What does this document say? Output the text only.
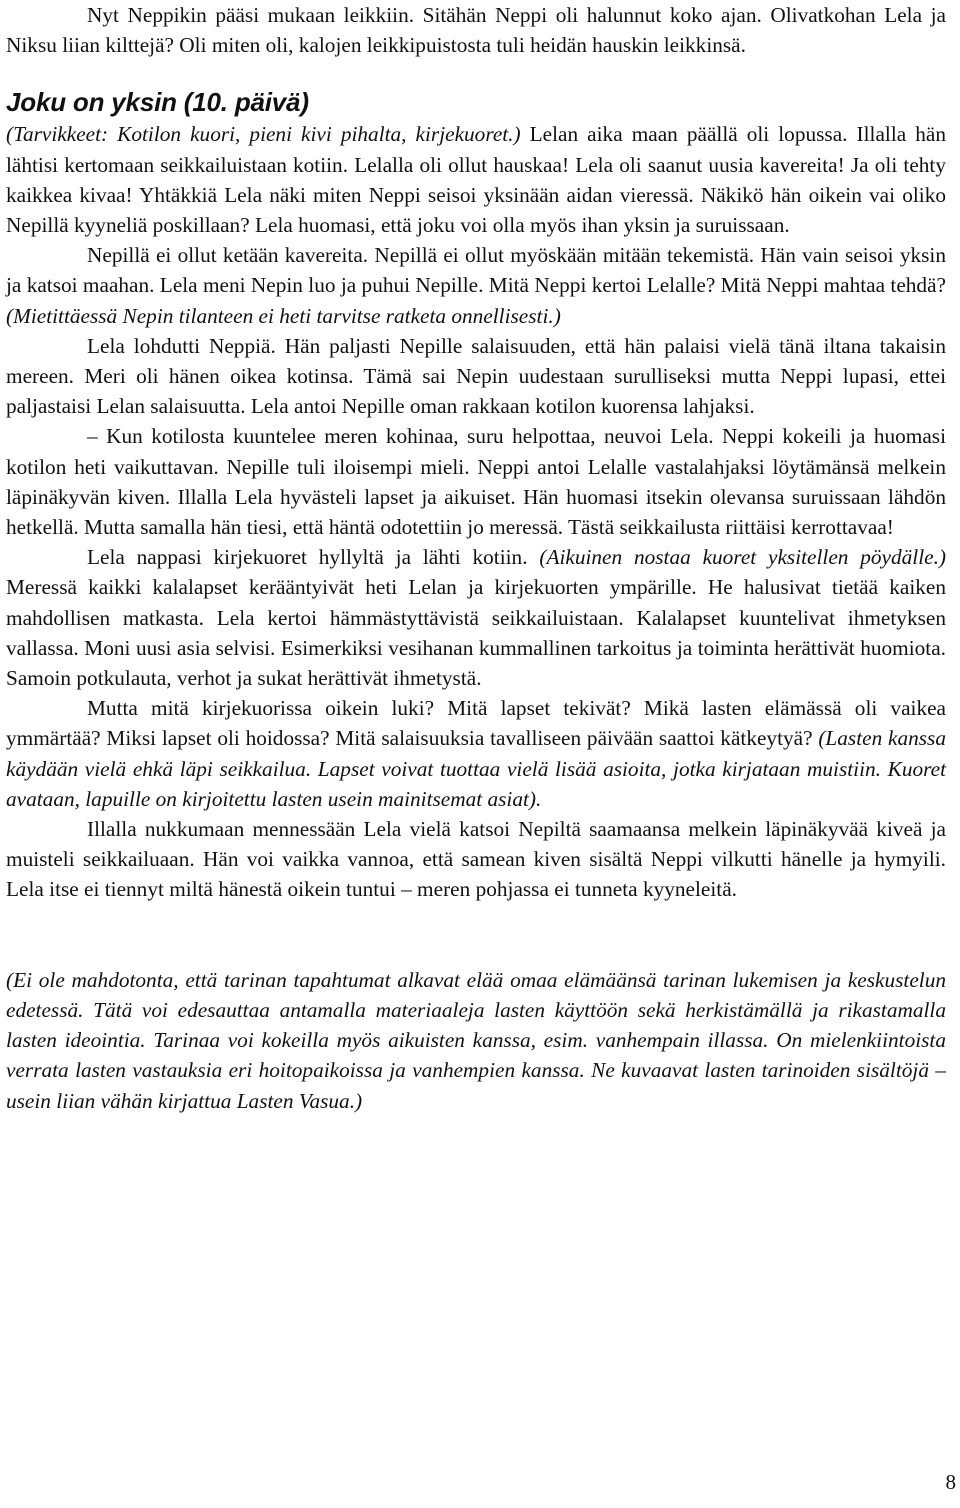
Nyt Neppikin pääsi mukaan leikkiin. Sitähän Neppi oli halunnut koko ajan. Olivatkohan Lela ja Niksu liian kilttejä? Oli miten oli, kalojen leikkipuistosta tuli heidän hauskin leikkinsä.

Joku on yksin (10. päivä)

(Tarvikkeet: Kotilon kuori, pieni kivi pihalta, kirjekuoret.) Lelan aika maan päällä oli lopussa. Illalla hän lähtisi kertomaan seikkailuistaan kotiin. Lelalla oli ollut hauskaa! Lela oli saanut uusia kavereita! Ja oli tehty kaikkea kivaa! Yhtäkkiä Lela näki miten Neppi seisoi yksinään aidan vieressä. Näkikö hän oikein vai oliko Nepillä kyyneliä poskillaan? Lela huomasi, että joku voi olla myös ihan yksin ja suruissaan.

Nepillä ei ollut ketään kavereita. Nepillä ei ollut myöskään mitään tekemistä. Hän vain seisoi yksin ja katsoi maahan. Lela meni Nepin luo ja puhui Nepille. Mitä Neppi kertoi Lelalle? Mitä Neppi mahtaa tehdä? (Mietittäessä Nepin tilanteen ei heti tarvitse ratketa onnellisesti.)

Lela lohdutti Neppiä. Hän paljasti Nepille salaisuuden, että hän palaisi vielä tänä iltana takaisin mereen. Meri oli hänen oikea kotinsa. Tämä sai Nepin uudestaan surulliseksi mutta Neppi lupasi, ettei paljastaisi Lelan salaisuutta. Lela antoi Nepille oman rakkaan kotilon kuorensa lahjaksi.

– Kun kotilosta kuuntelee meren kohinaa, suru helpottaa, neuvoi Lela. Neppi kokeili ja huomasi kotilon heti vaikuttavan. Nepille tuli iloisempi mieli. Neppi antoi Lelalle vastalahjaksi löytämänsä melkein läpinäkyvän kiven. Illalla Lela hyvästeli lapset ja aikuiset. Hän huomasi itsekin olevansa suruissaan lähdön hetkellä. Mutta samalla hän tiesi, että häntä odotettiin jo meressä. Tästä seikkailusta riittäisi kerrottavaa!

Lela nappasi kirjekuoret hyllyltä ja lähti kotiin. (Aikuinen nostaa kuoret yksitellen pöydälle.) Meressä kaikki kalalapset kerääntyivät heti Lelan ja kirjekuorten ympärille. He halusivat tietää kaiken mahdollisen matkasta. Lela kertoi hämmästyttävistä seikkailuistaan. Kalalapset kuuntelivat ihmetyksen vallassa. Moni uusi asia selvisi. Esimerkiksi vesihanan kummallinen tarkoitus ja toiminta herättivät huomiota. Samoin potkulauta, verhot ja sukat herättivät ihmetystä.

Mutta mitä kirjekuorissa oikein luki? Mitä lapset tekivät? Mikä lasten elämässä oli vaikea ymmärtää? Miksi lapset oli hoidossa? Mitä salaisuuksia tavalliseen päivään saattoi kätkeytyä? (Lasten kanssa käydään vielä ehkä läpi seikkailua. Lapset voivat tuottaa vielä lisää asioita, jotka kirjataan muistiin. Kuoret avataan, lapuille on kirjoitettu lasten usein mainitsemat asiat).

Illalla nukkumaan mennessään Lela vielä katsoi Nepiltä saamaansa melkein läpinäkyvää kiveä ja muisteli seikkailuaan. Hän voi vaikka vannoa, että samean kiven sisältä Neppi vilkutti hänelle ja hymyili. Lela itse ei tiennyt miltä hänestä oikein tuntui – meren pohjassa ei tunneta kyyneleitä.

(Ei ole mahdotonta, että tarinan tapahtumat alkavat elää omaa elämäänsä tarinan lukemisen ja keskustelun edetessä. Tätä voi edesauttaa antamalla materiaaleja lasten käyttöön sekä herkistämällä ja rikastamalla lasten ideointia. Tarinaa voi kokeilla myös aikuisten kanssa, esim. vanhempain illassa. On mielenkiintoista verrata lasten vastauksia eri hoitopaikoissa ja vanhempien kanssa. Ne kuvaavat lasten tarinoiden sisältöjä – usein liian vähän kirjattua Lasten Vasua.)

8
